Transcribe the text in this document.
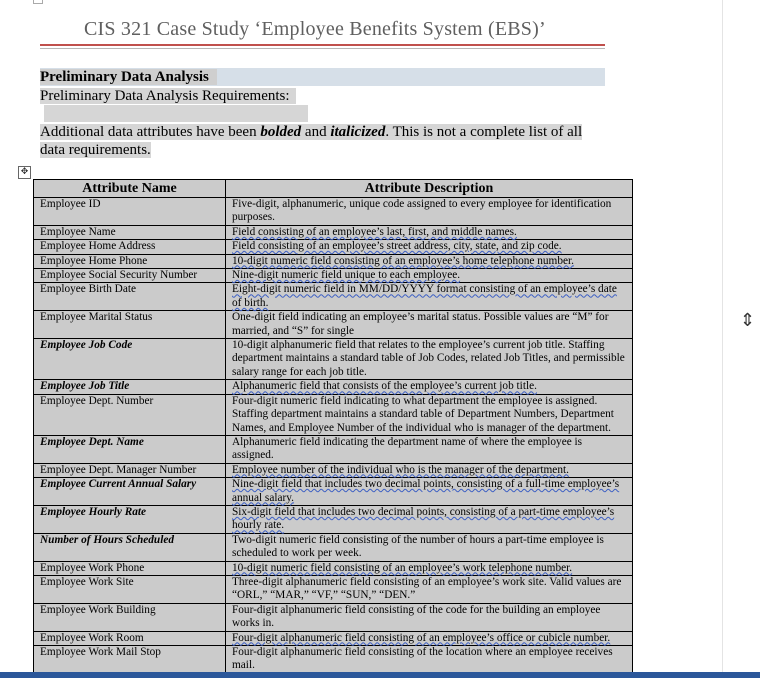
CIS 321 Case Study ‘Employee Benefits System (EBS)’
Preliminary Data Analysis
Preliminary Data Analysis Requirements:
Additional data attributes have been bolded and italicized. This is not a complete list of all data requirements.
✥
Attribute Name	Attribute Description
Employee ID	Five-digit, alphanumeric, unique code assigned to every employee for identification purposes.
Employee Name	Field consisting of an employee’s last, first, and middle names.
Employee Home Address	Field consisting of an employee’s street address, city, state, and zip code.
Employee Home Phone	10-digit numeric field consisting of an employee’s home telephone number.
Employee Social Security Number	Nine-digit numeric field unique to each employee.
Employee Birth Date	Eight-digit numeric field in MM/DD/YYYY format consisting of an employee’s date of birth.
Employee Marital Status	One-digit field indicating an employee’s marital status. Possible values are “M” for married, and “S” for single
Employee Job Code	10-digit alphanumeric field that relates to the employee’s current job title. Staffing department maintains a standard table of Job Codes, related Job Titles, and permissible salary range for each job title.
Employee Job Title	Alphanumeric field that consists of the employee’s current job title.
Employee Dept. Number	Four-digit numeric field indicating to what department the employee is assigned. Staffing department maintains a standard table of Department Numbers, Department Names, and Employee Number of the individual who is manager of the department.
Employee Dept. Name	Alphanumeric field indicating the department name of where the employee is assigned.
Employee Dept. Manager Number	Employee number of the individual who is the manager of the department.
Employee Current Annual Salary	Nine-digit field that includes two decimal points, consisting of a full-time employee’s annual salary.
Employee Hourly Rate	Six-digit field that includes two decimal points, consisting of a part-time employee’s hourly rate.
Number of Hours Scheduled	Two-digit numeric field consisting of the number of hours a part-time employee is scheduled to work per week.
Employee Work Phone	10-digit numeric field consisting of an employee’s work telephone number.
Employee Work Site	Three-digit alphanumeric field consisting of an employee’s work site. Valid values are “ORL,” “MAR,” “VF,” “SUN,” “DEN.”
Employee Work Building	Four-digit alphanumeric field consisting of the code for the building an employee works in.
Employee Work Room	Four-digit alphanumeric field consisting of an employee’s office or cubicle number.
Employee Work Mail Stop	Four-digit alphanumeric field consisting of the location where an employee receives mail.
⇕
